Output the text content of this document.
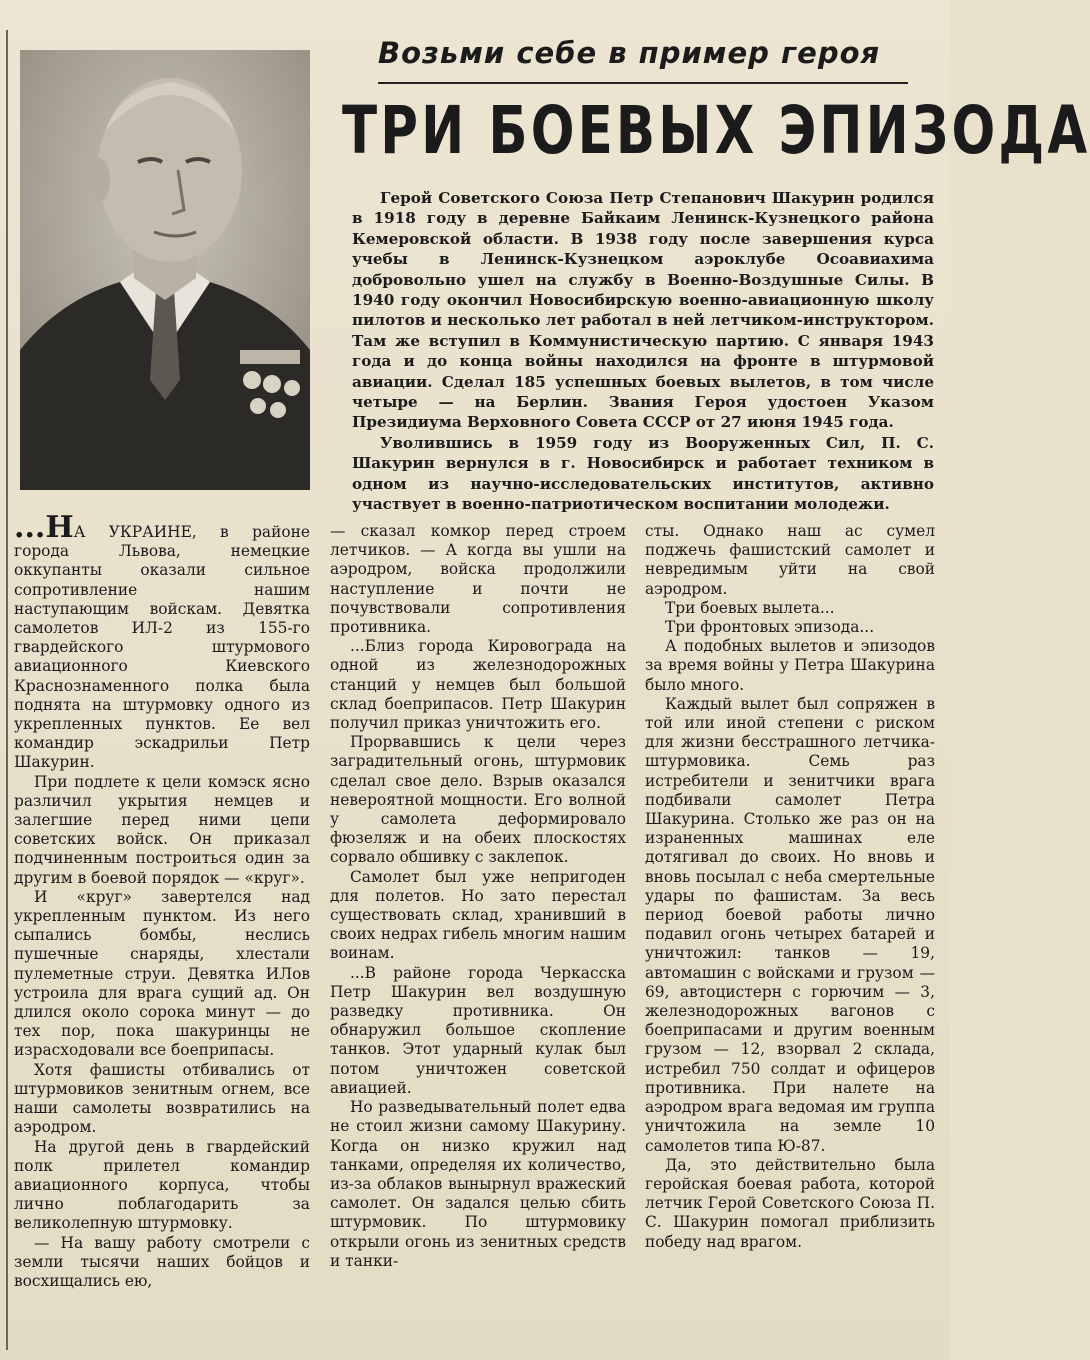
Возьми себе в пример героя
ТРИ БОЕВЫХ ЭПИЗОДА

Герой Советского Союза Петр Степанович Шакурин родился в 1918 году в деревне Байкаим Ленинск-Кузнецкого района Кемеровской области. В 1938 году после завершения курса учебы в Ленинск-Кузнецком аэроклубе Осоавиахима добровольно ушел на службу в Военно-Воздушные Силы. В 1940 году окончил Новосибирскую военно-авиационную школу пилотов и несколько лет работал в ней летчиком-инструктором. Там же вступил в Коммунистическую партию. С января 1943 года и до конца войны находился на фронте в штурмовой авиации. Сделал 185 успешных боевых вылетов, в том числе четыре — на Берлин. Звания Героя удостоен Указом Президиума Верховного Совета СССР от 27 июня 1945 года.

Уволившись в 1959 году из Вооруженных Сил, П. С. Шакурин вернулся в г. Новосибирск и работает техником в одном из научно-исследовательских институтов, активно участвует в военно-патриотическом воспитании молодежи.

...НА УКРАИНЕ, в районе города Львова, немецкие оккупанты оказали сильное сопротивление нашим наступающим войскам. Девятка самолетов ИЛ-2 из 155-го гвардейского штурмового авиационного Киевского Краснознаменного полка была поднята на штурмовку одного из укрепленных пунктов. Ее вел командир эскадрильи Петр Шакурин.

При подлете к цели комэск ясно различил укрытия немцев и залегшие перед ними цепи советских войск. Он приказал подчиненным построиться один за другим в боевой порядок — «круг».

И «круг» завертелся над укрепленным пунктом. Из него сыпались бомбы, неслись пушечные снаряды, хлестали пулеметные струи. Девятка ИЛов устроила для врага сущий ад. Он длился около сорока минут — до тех пор, пока шакуринцы не израсходовали все боеприпасы.

Хотя фашисты отбивались от штурмовиков зенитным огнем, все наши самолеты возвратились на аэродром.

На другой день в гвардейский полк прилетел командир авиационного корпуса, чтобы лично поблагодарить за великолепную штурмовку.

— На вашу работу смотрели с земли тысячи наших бойцов и восхищались ею,

— сказал комкор перед строем летчиков. — А когда вы ушли на аэродром, войска продолжили наступление и почти не почувствовали сопротивления противника.

...Близ города Кировограда на одной из железнодорожных станций у немцев был большой склад боеприпасов. Петр Шакурин получил приказ уничтожить его.

Прорвавшись к цели через заградительный огонь, штурмовик сделал свое дело. Взрыв оказался невероятной мощности. Его волной у самолета деформировало фюзеляж и на обеих плоскостях сорвало обшивку с заклепок.

Самолет был уже непригоден для полетов. Но зато перестал существовать склад, хранивший в своих недрах гибель многим нашим воинам.

...В районе города Черкасска Петр Шакурин вел воздушную разведку противника. Он обнаружил большое скопление танков. Этот ударный кулак был потом уничтожен советской авиацией.

Но разведывательный полет едва не стоил жизни самому Шакурину. Когда он низко кружил над танками, определяя их количество, из-за облаков вынырнул вражеский самолет. Он задался целью сбить штурмовик. По штурмовику открыли огонь из зенитных средств и танки-

сты. Однако наш ас сумел поджечь фашистский самолет и невредимым уйти на свой аэродром.

Три боевых вылета...

Три фронтовых эпизода...

А подобных вылетов и эпизодов за время войны у Петра Шакурина было много.

Каждый вылет был сопряжен в той или иной степени с риском для жизни бесстрашного летчика-штурмовика. Семь раз истребители и зенитчики врага подбивали самолет Петра Шакурина. Столько же раз он на израненных машинах еле дотягивал до своих. Но вновь и вновь посылал с неба смертельные удары по фашистам. За весь период боевой работы лично подавил огонь четырех батарей и уничтожил: танков — 19, автомашин с войсками и грузом — 69, автоцистерн с горючим — 3, железнодорожных вагонов с боеприпасами и другим военным грузом — 12, взорвал 2 склада, истребил 750 солдат и офицеров противника. При налете на аэродром врага ведомая им группа уничтожила на земле 10 самолетов типа Ю-87.

Да, это действительно была геройская боевая работа, которой летчик Герой Советского Союза П. С. Шакурин помогал приблизить победу над врагом.
